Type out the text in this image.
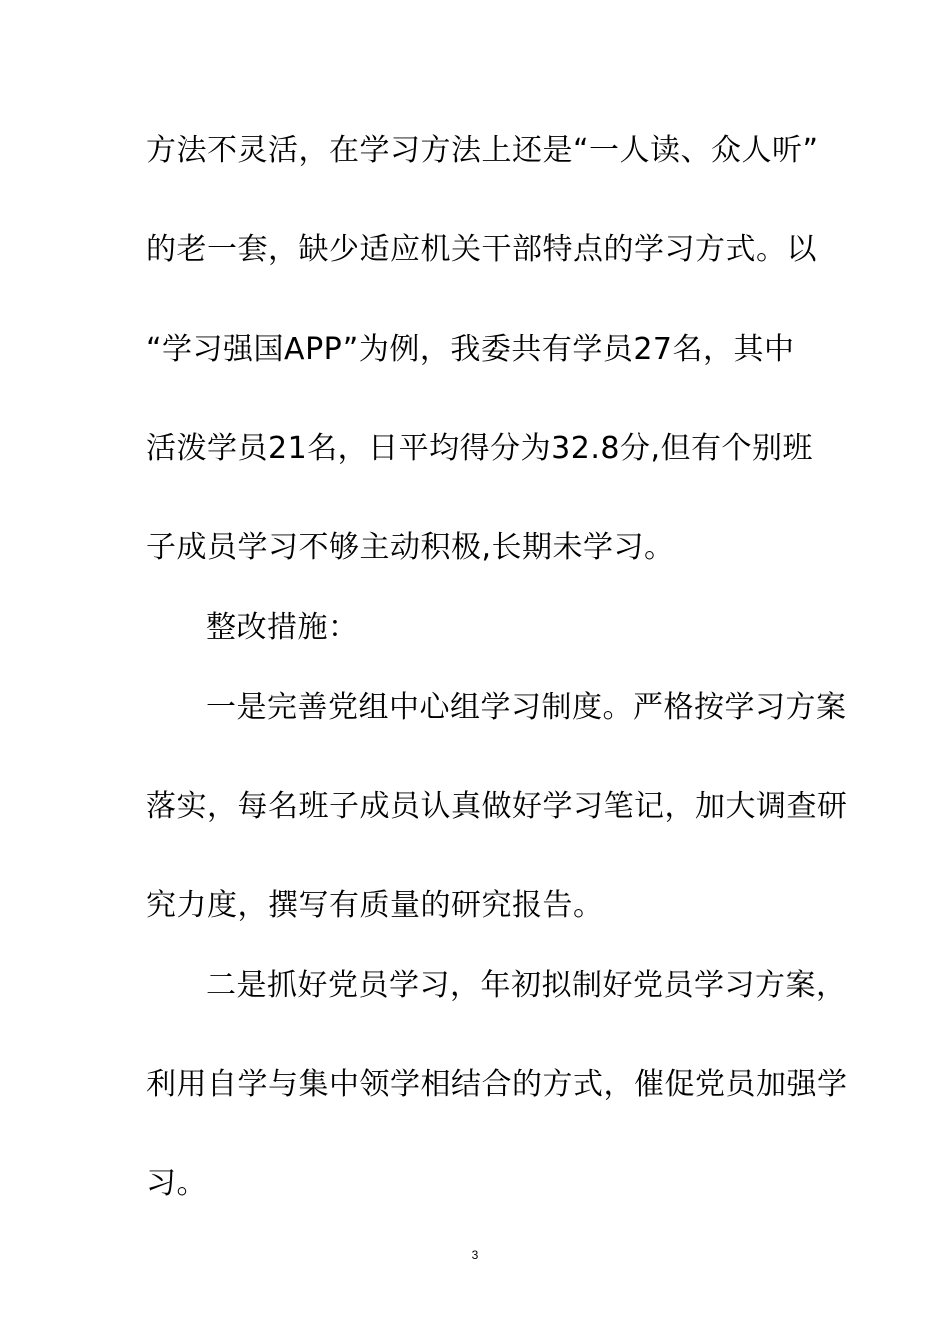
方法不灵活，在学习方法上还是“一人读、众人听”
的老一套，缺少适应机关干部特点的学习方式。以
“学习强国APP”为例，我委共有学员27名，其中
活泼学员21名，日平均得分为32.8分,但有个别班
子成员学习不够主动积极,长期未学习。
整改措施：
一是完善党组中心组学习制度。严格按学习方案
落实，每名班子成员认真做好学习笔记，加大调查研
究力度，撰写有质量的研究报告。
二是抓好党员学习，年初拟制好党员学习方案，
利用自学与集中领学相结合的方式，催促党员加强学
习。
3
